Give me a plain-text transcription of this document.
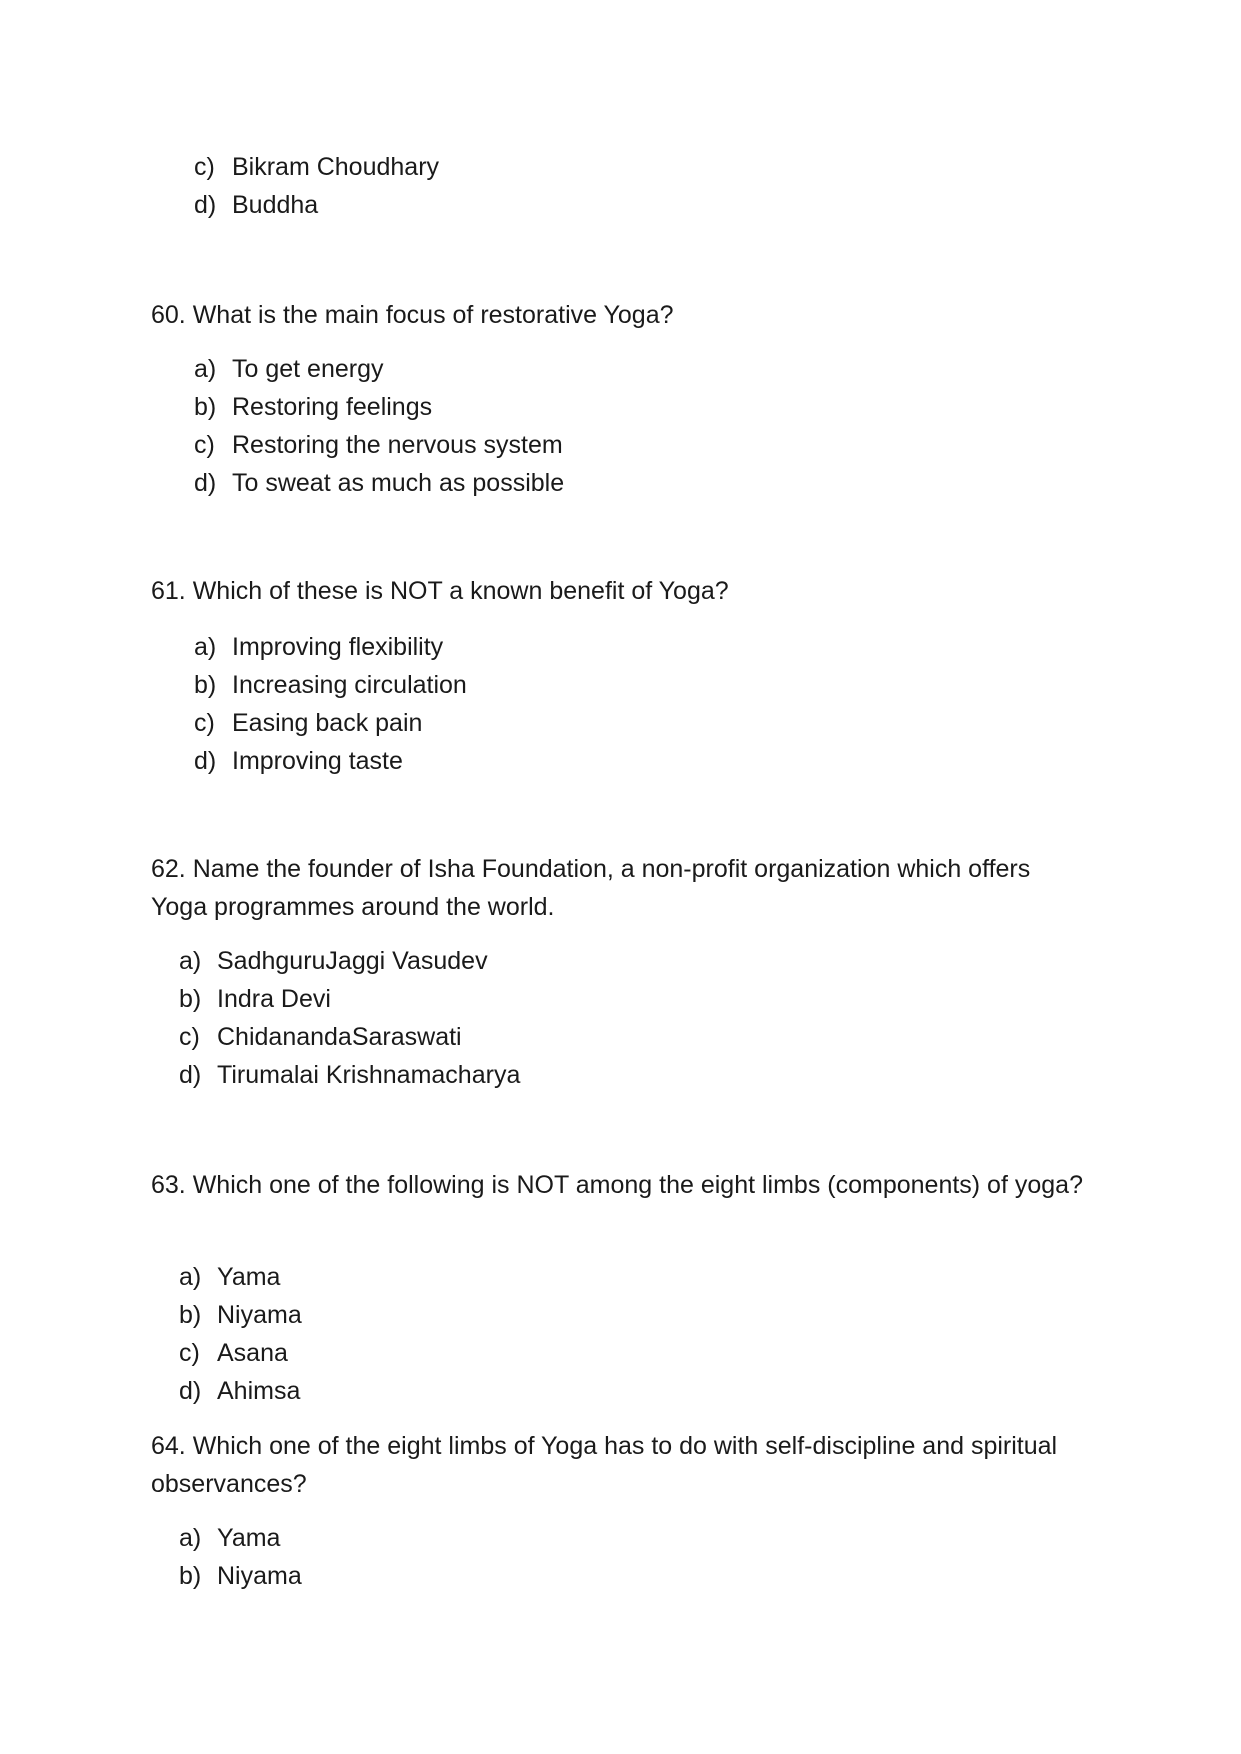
c) Bikram Choudhary
d) Buddha
60. What is the main focus of restorative Yoga?
a) To get energy
b) Restoring feelings
c) Restoring the nervous system
d) To sweat as much as possible
61. Which of these is NOT a known benefit of Yoga?
a) Improving flexibility
b) Increasing circulation
c) Easing back pain
d) Improving taste
62. Name the founder of Isha Foundation, a non-profit organization which offers Yoga programmes around the world.
a) SadhguruJaggi Vasudev
b) Indra Devi
c) ChidanandaSaraswati
d) Tirumalai Krishnamacharya
63. Which one of the following is NOT among the eight limbs (components) of yoga?
a) Yama
b) Niyama
c) Asana
d) Ahimsa
64. Which one of the eight limbs of Yoga has to do with self-discipline and spiritual observances?
a) Yama
b) Niyama
